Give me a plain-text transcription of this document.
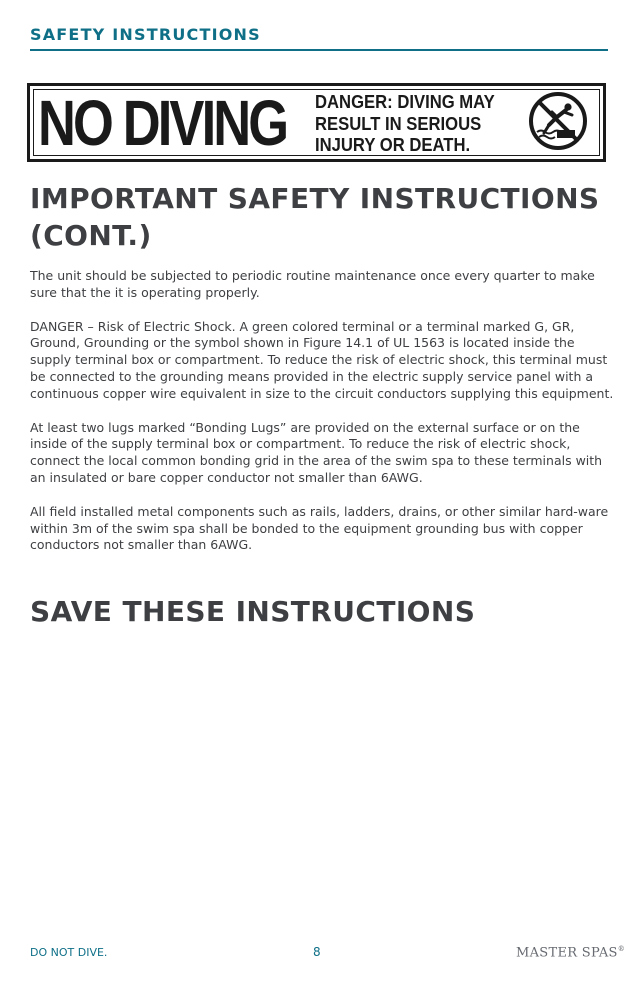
SAFETY INSTRUCTIONS
NO DIVING DANGER: DIVING MAY
RESULT IN SERIOUS
INJURY OR DEATH.
IMPORTANT SAFETY INSTRUCTIONS
(CONT.)

The unit should be subjected to periodic routine maintenance once every quarter to make sure that the it is operating properly.

DANGER – Risk of Electric Shock. A green colored terminal or a terminal marked G, GR, Ground, Grounding or the symbol shown in Figure 14.1 of UL 1563 is located inside the supply terminal box or compartment. To reduce the risk of electric shock, this terminal must be connected to the grounding means provided in the electric supply service panel with a continuous copper wire equivalent in size to the circuit conductors supplying this equipment.

At least two lugs marked “Bonding Lugs” are provided on the external surface or on the inside of the supply terminal box or compartment. To reduce the risk of electric shock, connect the local common bonding grid in the area of the swim spa to these terminals with an insulated or bare copper conductor not smaller than 6AWG.

All field installed metal components such as rails, ladders, drains, or other similar hard-ware within 3m of the swim spa shall be bonded to the equipment grounding bus with copper conductors not smaller than 6AWG.

SAVE THESE INSTRUCTIONS
DO NOT DIVE.	8	MASTER SPAS®
